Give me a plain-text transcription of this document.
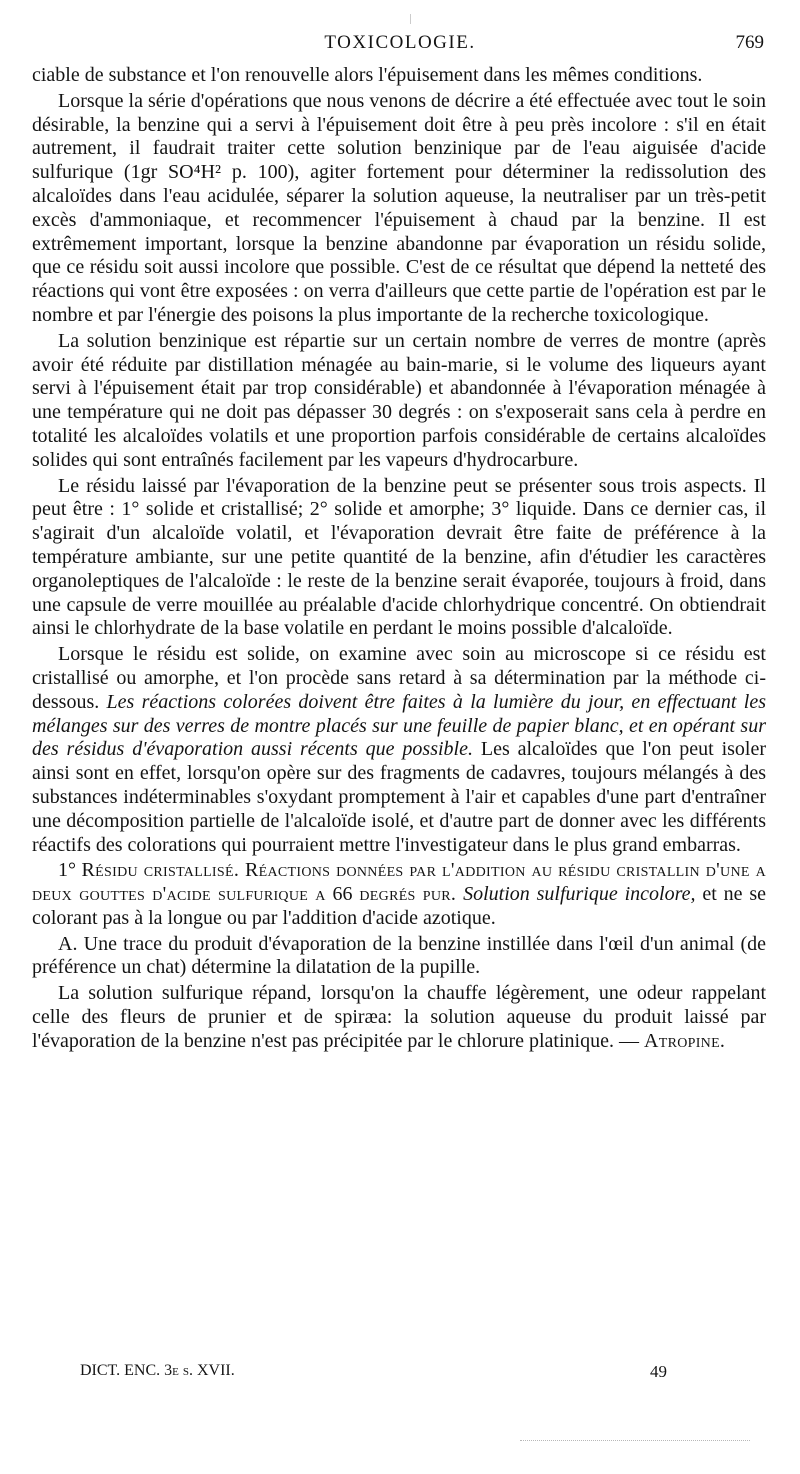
TOXICOLOGIE.	769

ciable de substance et l'on renouvelle alors l'épuisement dans les mêmes conditions.

Lorsque la série d'opérations que nous venons de décrire a été effectuée avec tout le soin désirable, la benzine qui a servi à l'épuisement doit être à peu près incolore : s'il en était autrement, il faudrait traiter cette solution benzinique par de l'eau aiguisée d'acide sulfurique (1gr SO⁴H² p. 100), agiter fortement pour déterminer la redissolution des alcaloïdes dans l'eau acidulée, séparer la solution aqueuse, la neutraliser par un très-petit excès d'ammoniaque, et recommencer l'épuisement à chaud par la benzine. Il est extrêmement important, lorsque la benzine abandonne par évaporation un résidu solide, que ce résidu soit aussi incolore que possible. C'est de ce résultat que dépend la netteté des réactions qui vont être exposées : on verra d'ailleurs que cette partie de l'opération est par le nombre et par l'énergie des poisons la plus importante de la recherche toxicologique.

La solution benzinique est répartie sur un certain nombre de verres de montre (après avoir été réduite par distillation ménagée au bain-marie, si le volume des liqueurs ayant servi à l'épuisement était par trop considérable) et abandonnée à l'évaporation ménagée à une température qui ne doit pas dépasser 30 degrés : on s'exposerait sans cela à perdre en totalité les alcaloïdes volatils et une proportion parfois considérable de certains alcaloïdes solides qui sont entraînés facilement par les vapeurs d'hydrocarbure.

Le résidu laissé par l'évaporation de la benzine peut se présenter sous trois aspects. Il peut être : 1° solide et cristallisé; 2° solide et amorphe; 3° liquide. Dans ce dernier cas, il s'agirait d'un alcaloïde volatil, et l'évaporation devrait être faite de préférence à la température ambiante, sur une petite quantité de la benzine, afin d'étudier les caractères organoleptiques de l'alcaloïde : le reste de la benzine serait évaporée, toujours à froid, dans une capsule de verre mouillée au préalable d'acide chlorhydrique concentré. On obtiendrait ainsi le chlorhydrate de la base volatile en perdant le moins possible d'alcaloïde.

Lorsque le résidu est solide, on examine avec soin au microscope si ce résidu est cristallisé ou amorphe, et l'on procède sans retard à sa détermination par la méthode ci-dessous. Les réactions colorées doivent être faites à la lumière du jour, en effectuant les mélanges sur des verres de montre placés sur une feuille de papier blanc, et en opérant sur des résidus d'évaporation aussi récents que possible. Les alcaloïdes que l'on peut isoler ainsi sont en effet, lorsqu'on opère sur des fragments de cadavres, toujours mélangés à des substances indéterminables s'oxydant promptement à l'air et capables d'une part d'entraîner une décomposition partielle de l'alcaloïde isolé, et d'autre part de donner avec les différents réactifs des colorations qui pourraient mettre l'investigateur dans le plus grand embarras.

1° Résidu cristallisé. Réactions données par l'addition au résidu cristallin d'une a deux gouttes d'acide sulfurique a 66 degrés pur. Solution sulfurique incolore, et ne se colorant pas à la longue ou par l'addition d'acide azotique.

A. Une trace du produit d'évaporation de la benzine instillée dans l'œil d'un animal (de préférence un chat) détermine la dilatation de la pupille.

La solution sulfurique répand, lorsqu'on la chauffe légèrement, une odeur rappelant celle des fleurs de prunier et de spiræa: la solution aqueuse du produit laissé par l'évaporation de la benzine n'est pas précipitée par le chlorure platinique. — Atropine.

DICT. ENC. 3e s. XVII.	49
